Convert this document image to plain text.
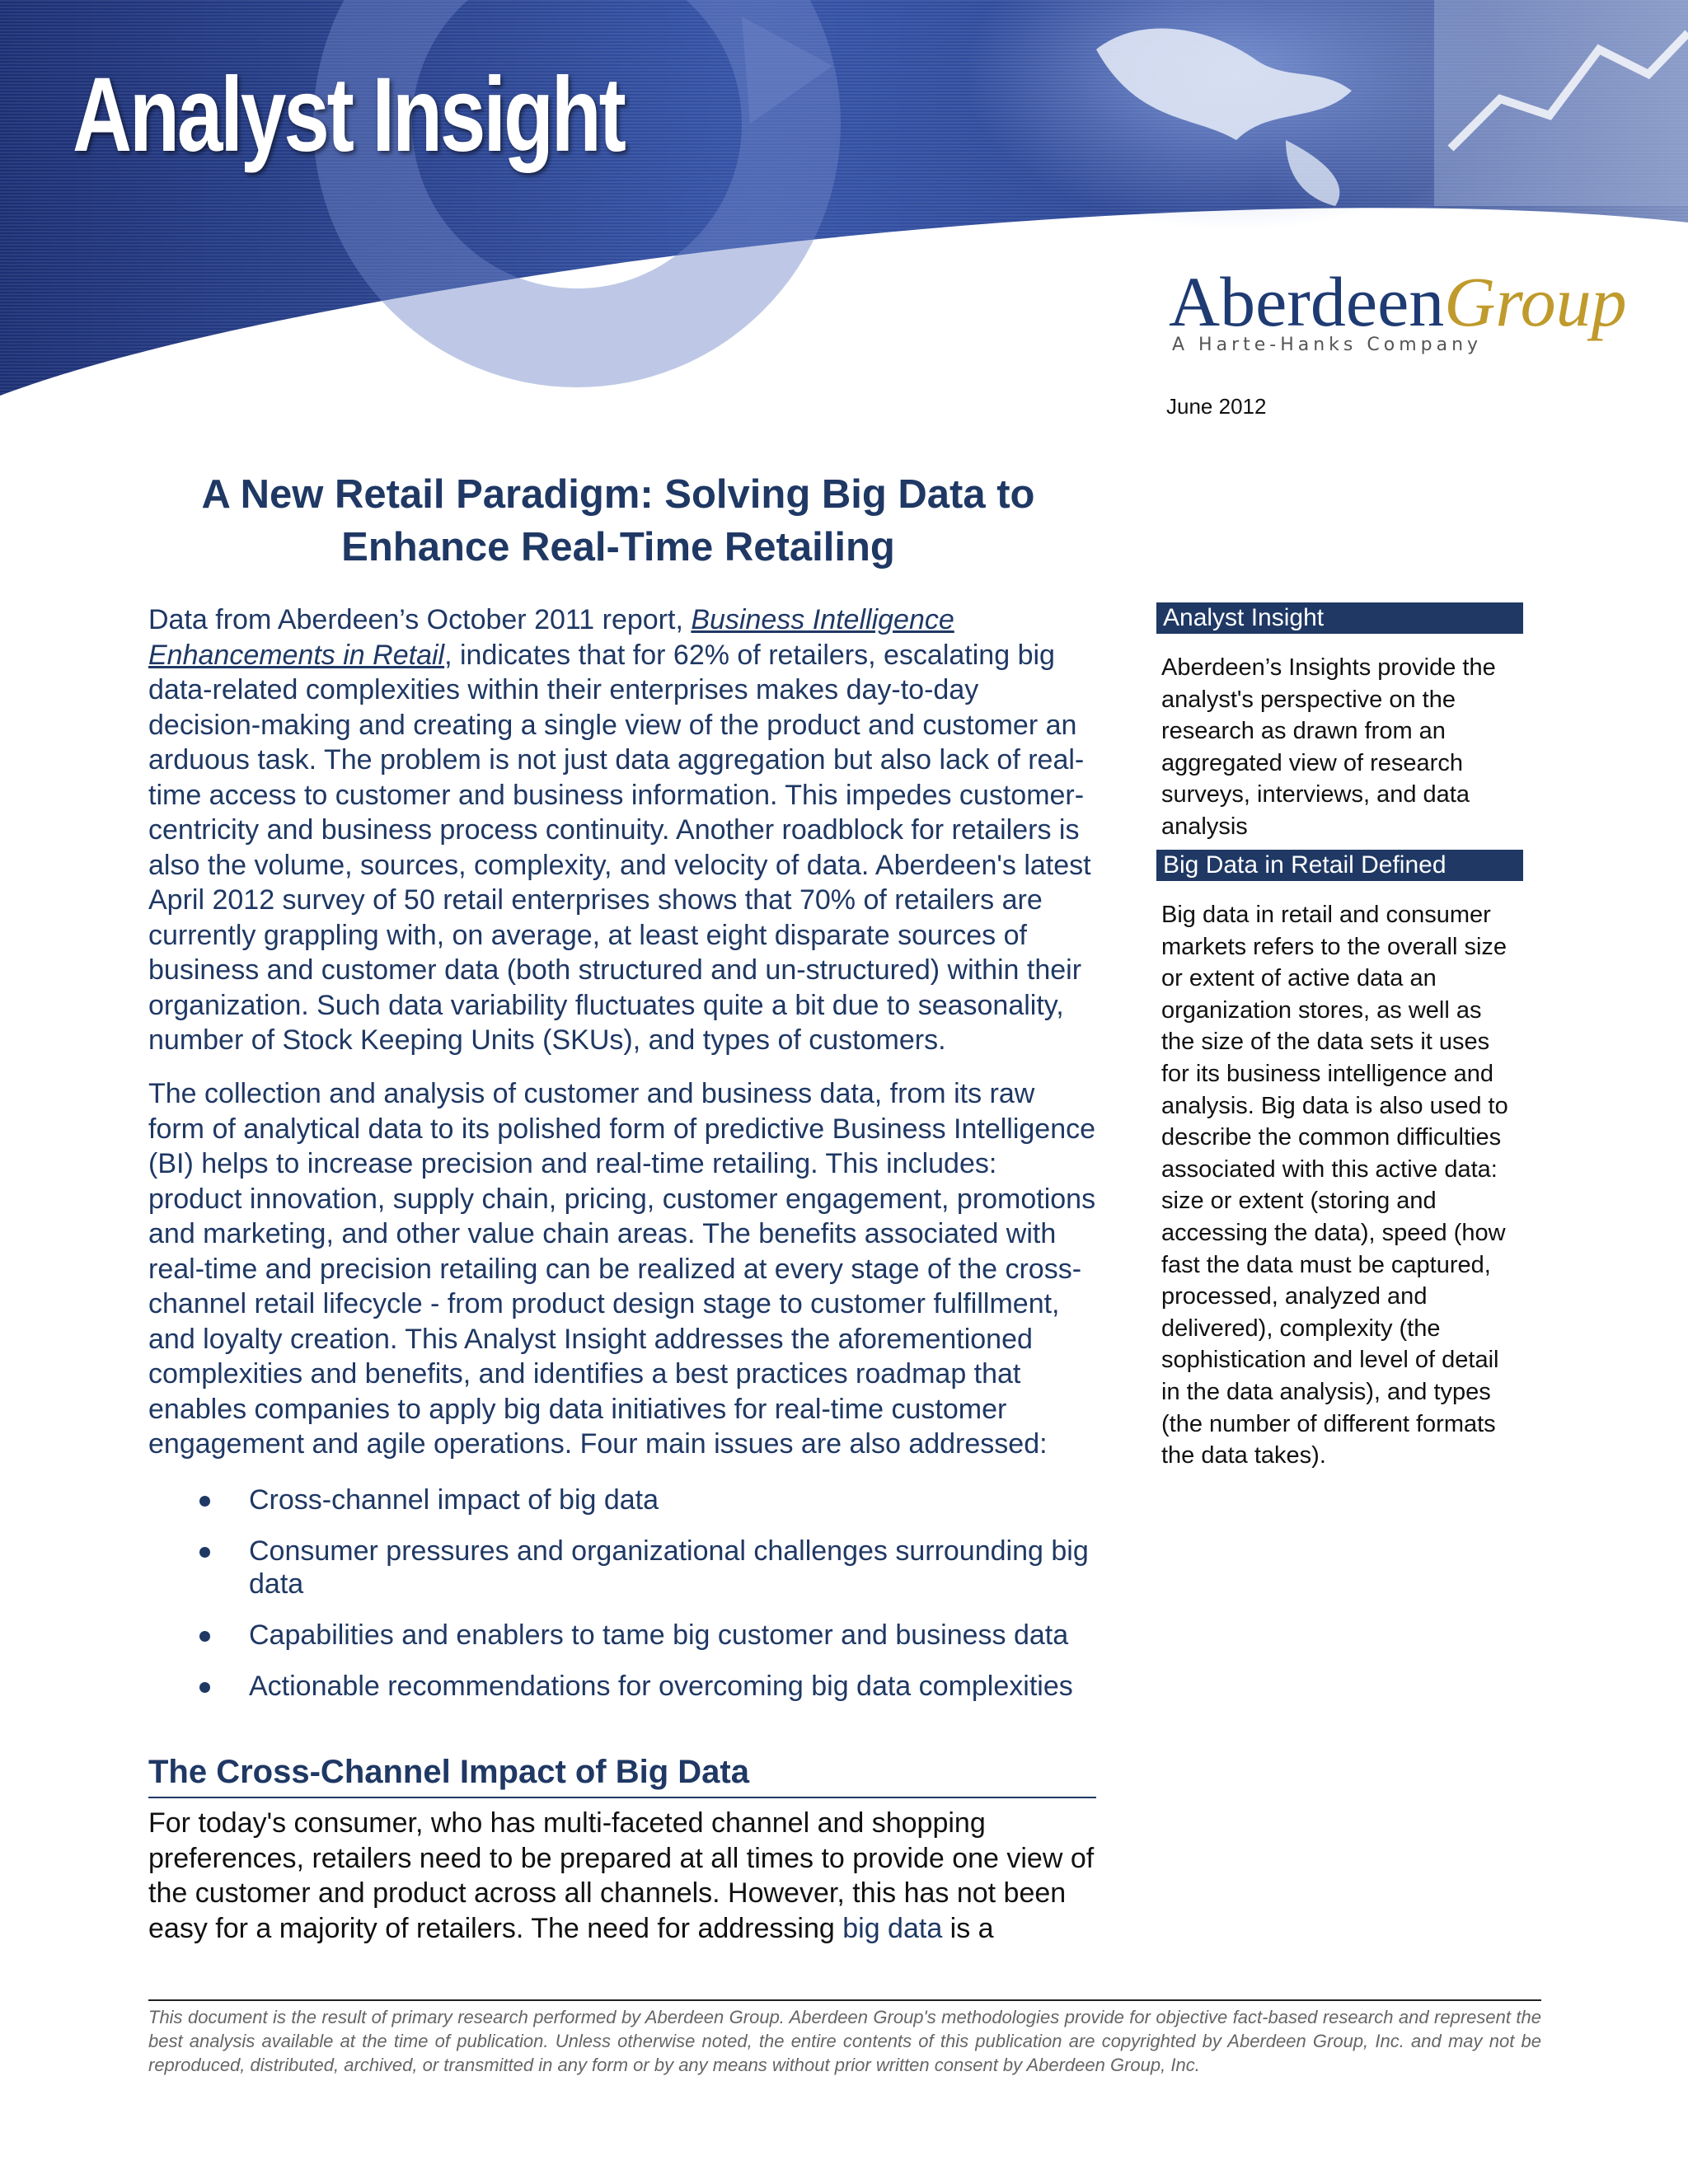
Analyst Insight
AberdeenGroup
A Harte-Hanks Company
June 2012
A New Retail Paradigm: Solving Big Data to
Enhance Real-Time Retailing

Data from Aberdeen’s October 2011 report, Business Intelligence Enhancements in Retail, indicates that for 62% of retailers, escalating big data-related complexities within their enterprises makes day-to-day decision-making and creating a single view of the product and customer an arduous task. The problem is not just data aggregation but also lack of real-time access to customer and business information. This impedes customer-centricity and business process continuity. Another roadblock for retailers is also the volume, sources, complexity, and velocity of data. Aberdeen's latest April 2012 survey of 50 retail enterprises shows that 70% of retailers are currently grappling with, on average, at least eight disparate sources of business and customer data (both structured and un-structured) within their organization. Such data variability fluctuates quite a bit due to seasonality, number of Stock Keeping Units (SKUs), and types of customers.

The collection and analysis of customer and business data, from its raw form of analytical data to its polished form of predictive Business Intelligence (BI) helps to increase precision and real-time retailing. This includes: product innovation, supply chain, pricing, customer engagement, promotions and marketing, and other value chain areas. The benefits associated with real-time and precision retailing can be realized at every stage of the cross-channel retail lifecycle - from product design stage to customer fulfillment, and loyalty creation. This Analyst Insight addresses the aforementioned complexities and benefits, and identifies a best practices roadmap that enables companies to apply big data initiatives for real-time customer engagement and agile operations. Four main issues are also addressed:

Cross-channel impact of big data
Consumer pressures and organizational challenges surrounding big data
Capabilities and enablers to tame big customer and business data
Actionable recommendations for overcoming big data complexities
The Cross-Channel Impact of Big Data

For today's consumer, who has multi-faceted channel and shopping preferences, retailers need to be prepared at all times to provide one view of the customer and product across all channels. However, this has not been easy for a majority of retailers. The need for addressing big data is a

Analyst Insight
Aberdeen’s Insights provide the analyst's perspective on the research as drawn from an aggregated view of research surveys, interviews, and data analysis
Big Data in Retail Defined
Big data in retail and consumer markets refers to the overall size or extent of active data an organization stores, as well as the size of the data sets it uses for its business intelligence and analysis. Big data is also used to describe the common difficulties associated with this active data: size or extent (storing and accessing the data), speed (how fast the data must be captured, processed, analyzed and delivered), complexity (the sophistication and level of detail in the data analysis), and types (the number of different formats the data takes).
This document is the result of primary research performed by Aberdeen Group. Aberdeen Group's methodologies provide for objective fact-based research and represent the best analysis available at the time of publication. Unless otherwise noted, the entire contents of this publication are copyrighted by Aberdeen Group, Inc. and may not be reproduced, distributed, archived, or transmitted in any form or by any means without prior written consent by Aberdeen Group, Inc.
